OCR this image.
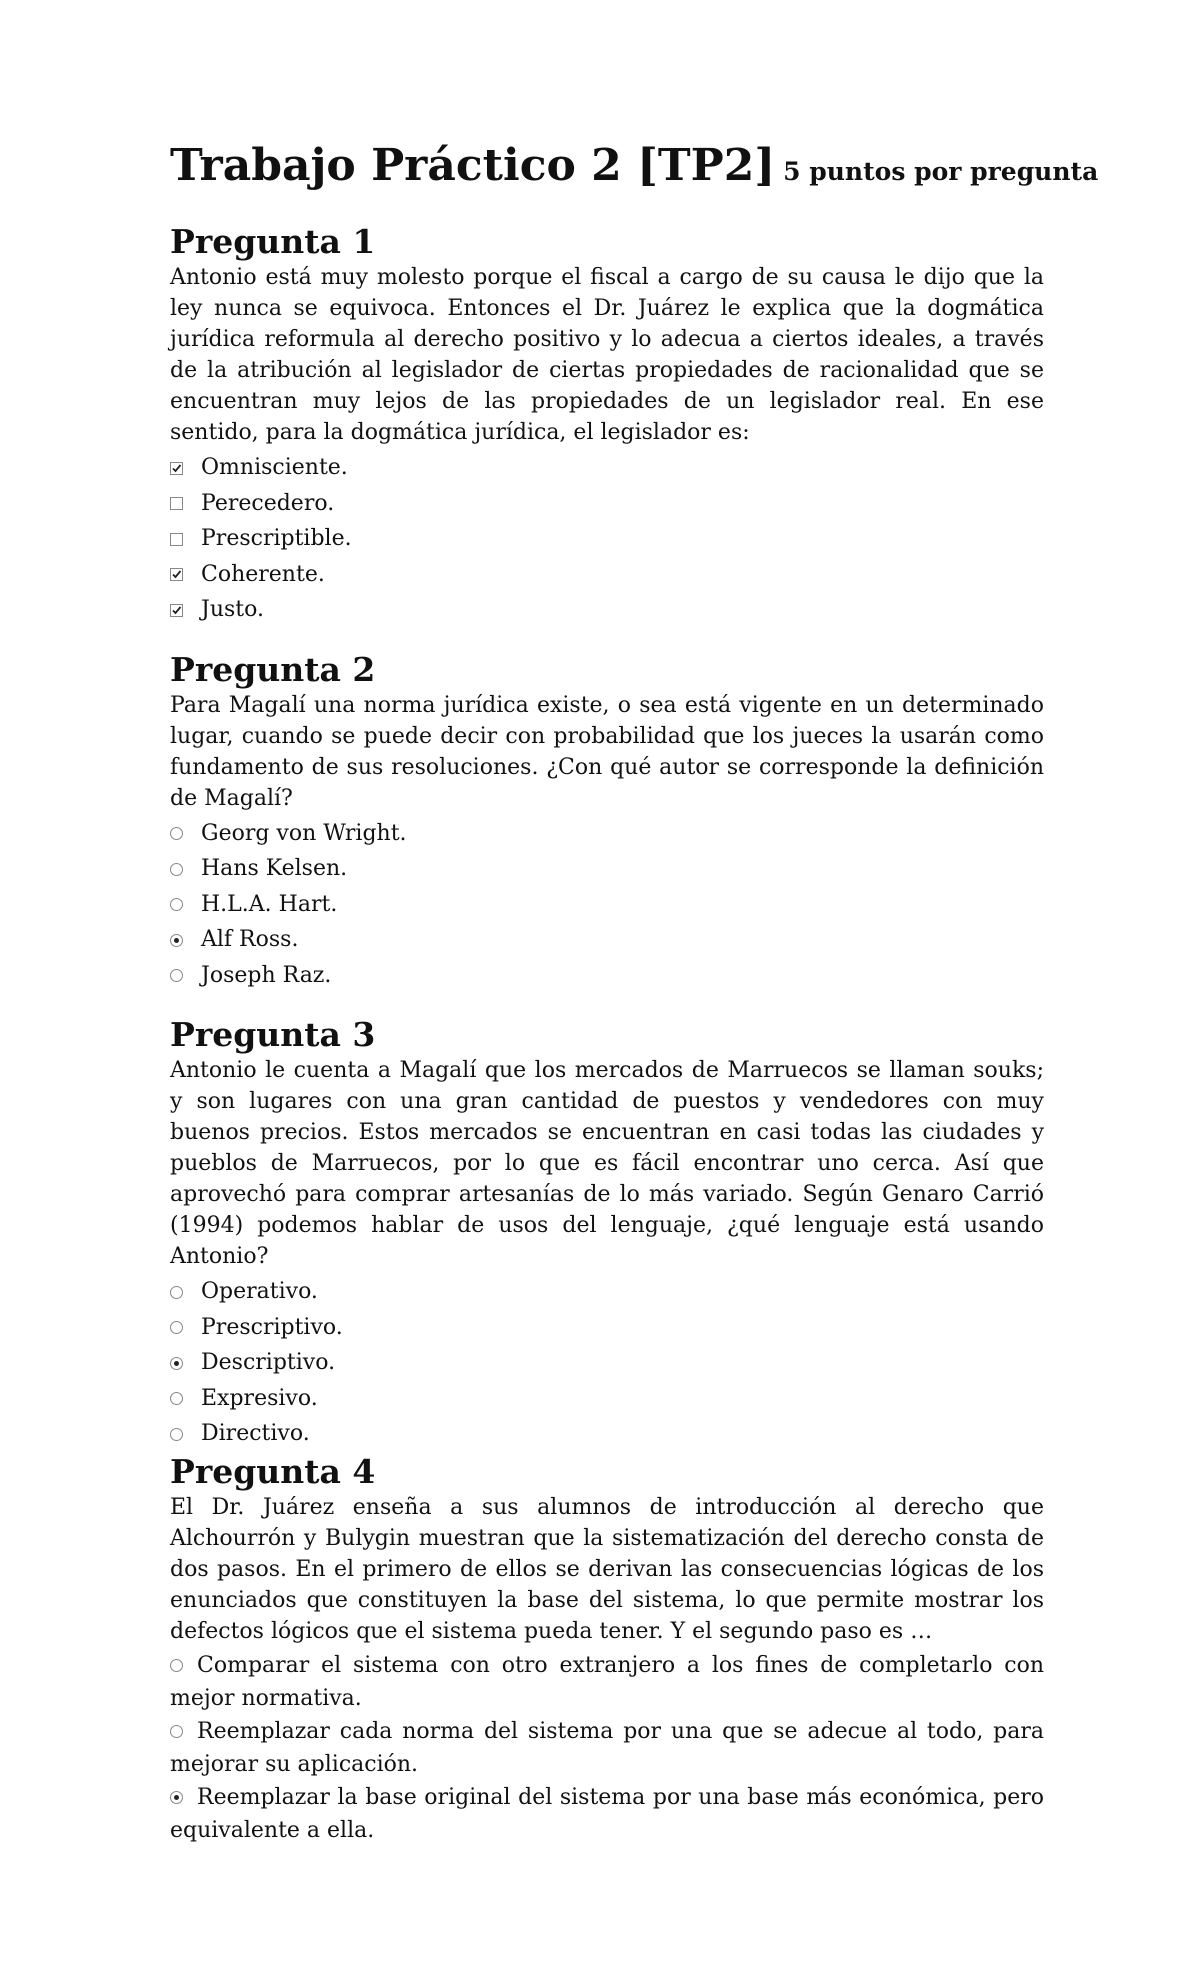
Trabajo Práctico 2 [TP2] 5 puntos por pregunta
Pregunta 1

Antonio está muy molesto porque el fiscal a cargo de su causa le dijo que la ley nunca se equivoca. Entonces el Dr. Juárez le explica que la dogmática jurídica reformula al derecho positivo y lo adecua a ciertos ideales, a través de la atribución al legislador de ciertas propiedades de racionalidad que se encuentran muy lejos de las propiedades de un legislador real. En ese sentido, para la dogmática jurídica, el legislador es:

Omnisciente.
Perecedero.
Prescriptible.
Coherente.
Justo.
Pregunta 2

Para Magalí una norma jurídica existe, o sea está vigente en un determinado lugar, cuando se puede decir con probabilidad que los jueces la usarán como fundamento de sus resoluciones. ¿Con qué autor se corresponde la definición de Magalí?

Georg von Wright.
Hans Kelsen.
H.L.A. Hart.
Alf Ross.
Joseph Raz.
Pregunta 3

Antonio le cuenta a Magalí que los mercados de Marruecos se llaman souks; y son lugares con una gran cantidad de puestos y vendedores con muy buenos precios. Estos mercados se encuentran en casi todas las ciudades y pueblos de Marruecos, por lo que es fácil encontrar uno cerca. Así que aprovechó para comprar artesanías de lo más variado. Según Genaro Carrió (1994) podemos hablar de usos del lenguaje, ¿qué lenguaje está usando Antonio?

Operativo.
Prescriptivo.
Descriptivo.
Expresivo.
Directivo.
Pregunta 4

El Dr. Juárez enseña a sus alumnos de introducción al derecho que Alchourrón y Bulygin muestran que la sistematización del derecho consta de dos pasos. En el primero de ellos se derivan las consecuencias lógicas de los enunciados que constituyen la base del sistema, lo que permite mostrar los defectos lógicos que el sistema pueda tener. Y el segundo paso es …

Comparar el sistema con otro extranjero a los fines de completarlo con mejor normativa.
Reemplazar cada norma del sistema por una que se adecue al todo, para mejorar su aplicación.
Reemplazar la base original del sistema por una base más económica, pero equivalente a ella.
